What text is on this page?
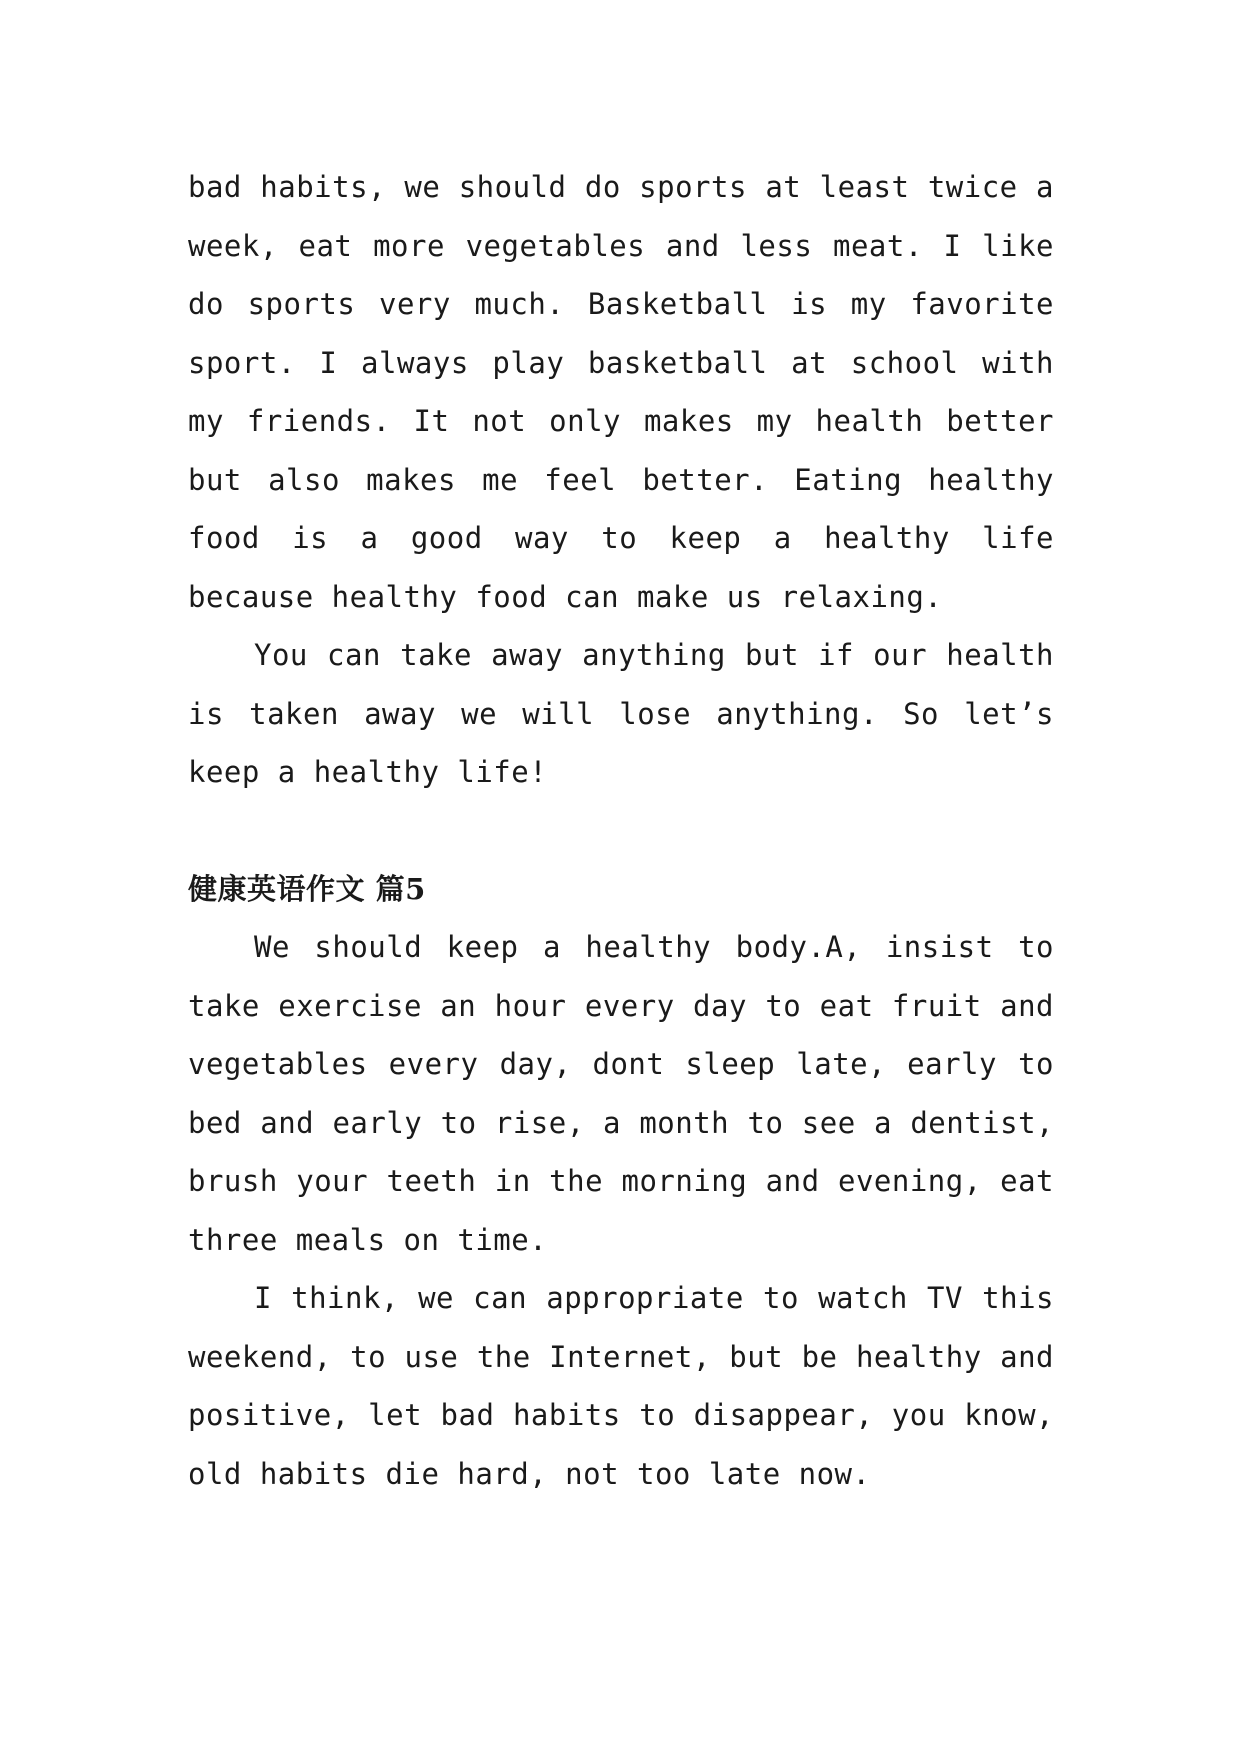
bad habits, we should do sports at least twice a week, eat more vegetables and less meat. I like do sports very much. Basketball is my favorite sport. I always play basketball at school with my friends. It not only makes my health better but also makes me feel better. Eating healthy food is a good way to keep a healthy life because healthy food can make us relaxing.

You can take away anything but if our health is taken away we will lose anything. So let’s keep a healthy life!

健康英语作文 篇5

We should keep a healthy body.A, insist to take exercise an hour every day to eat fruit and vegetables every day, dont sleep late, early to bed and early to rise, a month to see a dentist, brush your teeth in the morning and evening, eat three meals on time.

I think, we can appropriate to watch TV this weekend, to use the Internet, but be healthy and positive, let bad habits to disappear, you know, old habits die hard, not too late now.
